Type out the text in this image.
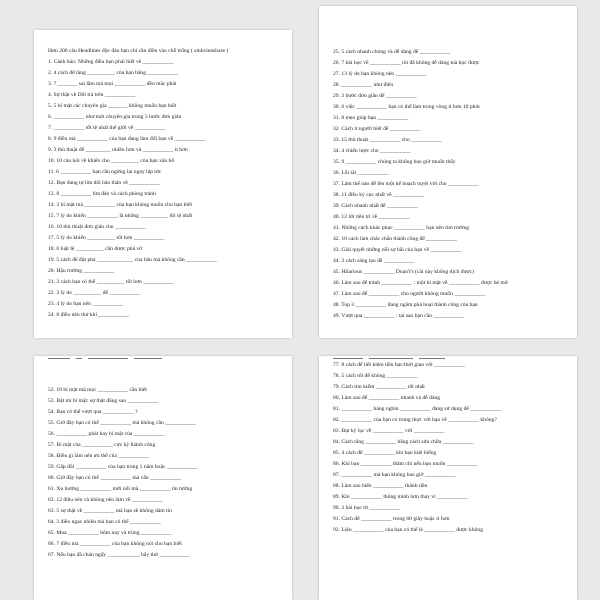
Hơn 200 câu Headlines độc đáo bạn chỉ cần điền vào chỗ trống ( sinhvienshare )
1. Cảnh báo: Những điều bạn phải biết về ___________
2. 4 cách để tăng __________ của bạn bằng ___________
3. 7 _______ sai lầm mà mọi ___________ đều mắc phải
4. Sự thật về Dối trá trên ___________
5. 5 bí mật các chuyên gia _______ không muốn bạn biết
6. ___________ như một chuyên gia trong 5 bước đơn giản
7. ___________ tốt tệ nhất thế giới về ___________
8. 9 điều mà ___________ của bạn đang làm đối bạn về ___________
9. 3 thủ thuật để _________ nhiều hơn và ___________ ít hơn
10. 10 câu hỏi về khiến cho __________ của bạn xấu hổ
11. 6 ___________ bạn cần ngừng lại ngay lập tức
12. Bạn đang tự lừa dối bản thân về ___________
13. 8 ___________ lừa đảo và cách phòng tránh
14. 3 bí mật mà ___________ của bạn không muốn cho bạn biết
15. 7 lý do khiến ___________ là những __________ tồi tệ nhất
16. 10 thủ thuật đơn giản cho ___________
17. 5 lý do khiến __________ tốt hơn ___________
18. 6 luật lệ __________ cần được phá vỡ
19. 5 cách để đột phá _____________ của bản mà không cần ___________
20. Hậu trường ___________
21. 3 cách bạn có thể __________ tốt hơn ___________
22. 3 lý do __________ để ___________
23. 4 lý do bạn nên ___________
24. 8 điều nên thử khi ___________
25. 5 cách nhanh chóng và dễ dàng để ___________
26. 7 bài học về ___________ tôi đã không dễ dàng mà học được
27. 13 lý do bạn không nên ___________
28. ___________ như điên
29. 3 bước đơn giản để ___________
30. 6 việc ___________ bạn có thể làm trong vòng ít hơn 10 phút
31. 8 mẹo giúp bạn ___________
32. Cách ít người biết để ___________
33. 15 thủ thuật ___________ cho ___________
34. 4 chiến lược cho ___________
35. 9 ___________ chúng ta không bao giờ muốn thấy
36. Lỗi tắt ___________
37. Làm thế nào để lên một kế hoạch tuyệt vời cho ___________
38. 11 điều kỳ cục nhất về ___________
39. Cách nhanh nhất để ___________
40. 12 lời tiên tri về ___________
41. Những cách khác phục ___________ bạn nên tìm trường
42. 10 cách làm chắc chắn thành công để ___________
43. Giải quyết những nỗi sợ hãi của bạn về ___________
44. 3 cách sáng tạo để ___________
45. Hilarious ___________ Doan't's (cái này không dịch được)
46. Làm sao để tránh ___________ : một bí mật về ___________ được hé mở
47. Làm sao để ___________ cho người không muốn ___________
48. Top 3 ___________ đang ngăm phá hoại thành công của bạn
49. Vượt qua ___________ : tại sao bạn cần ___________
52. 10 bí mật mà mọi ___________ cần biết
53. Bật mí bí mật: sự thật đằng sau ___________
54. Bạn có thể vượt qua ___________ ?
55. Giờ đây bạn có thể ___________ mà không cần ___________
56. ___________ phát hay bí mật của ___________
57. Bí mật của ___________ cực kỳ thành công
58. Điều gì làm nên ưu thế của ___________
59. Gấp đôi ___________ của bạn trong 1 năm hoặc ___________
60. Giờ đây bạn có thể ___________ mà vẫn ___________
61. Xu hướng ___________ mới nổi mà ___________ tin tưởng
62. 12 điều nên và không nên làm về ___________
63. 5 sự thật về ___________ mà bạn sẽ không dám tin
64. 3 điều ngạc nhiên mà bạn có thể ___________
65. Mua ___________ hôm nay và trúng ___________
66. 7 điều mà ___________ của bạn không nói cho bạn biết
67. Nếu bạn đã chán ngấy ___________, hãy thử ___________
77. 8 cách để tiết kiệm tiền bạc/thời gian với ___________
78. 5 cách tốt để không ___________
79. Cách tìm kiếm ___________ tốt nhất
80. Làm sao để ___________ nhanh và dễ dàng
81. ___________ hàng nghìn ___________ đang sử dụng để ___________
82. ___________ của bạn có trung thực với bạn về ___________ không?
83. Đạt kỷ lục về ___________ với ___________
84. Cách tăng ___________ bằng cách sửa chữa ___________
85. 4 cách để ___________ khi bạn kiệt biếng
86. Khi bạn ___________ thâm chí nếu bạn muốn ___________
87. ___________ mà bạn không bao giờ ___________
88. Làm sao biến ___________ thành tiền
89. Khi ___________ thông minh hơn thay vì ___________
90. 3 bài học từ ___________
91. Cách để ___________ trong 60 giây hoặc ít hơn
92. Liệu ___________ của bạn có thể là ___________ được không
